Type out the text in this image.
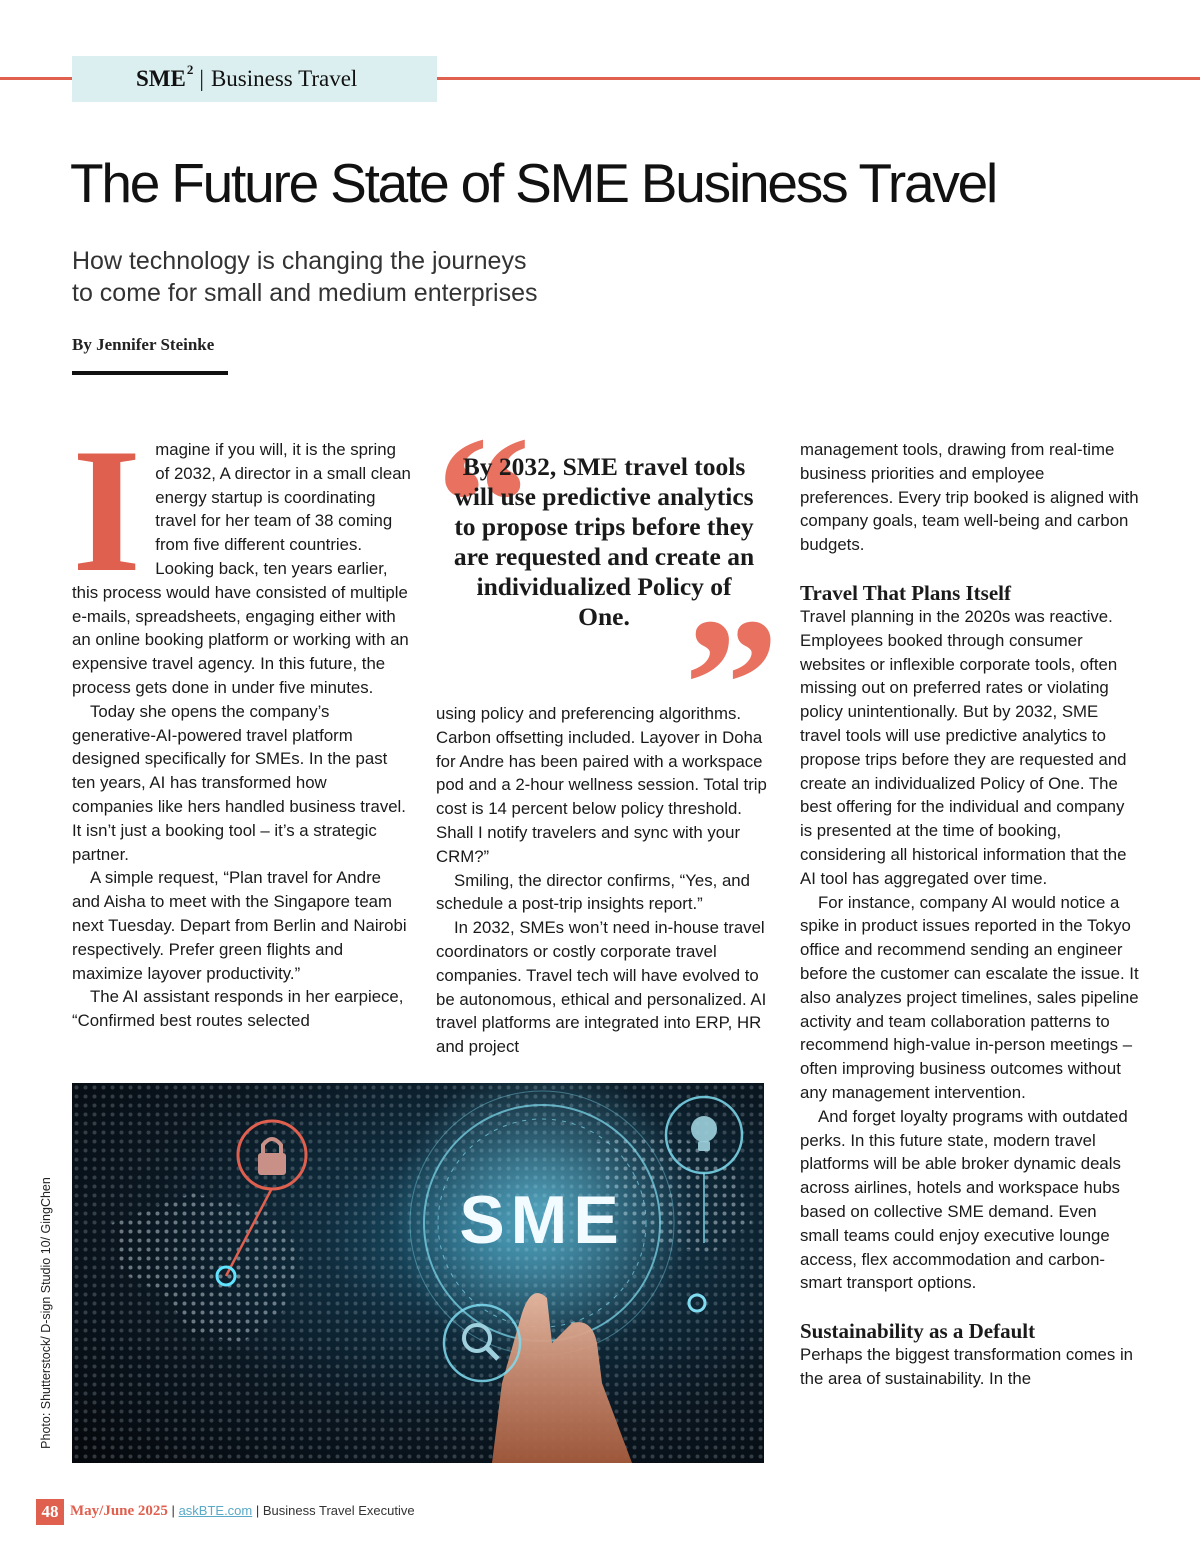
SME 2 | Business Travel
The Future State of SME Business Travel
How technology is changing the journeys
to come for small and medium enterprises

By Jennifer Steinke

I magine if you will, it is the spring of 2032, A director in a small clean energy startup is coordinating travel for her team of 38 coming from five different countries. Looking back, ten years earlier, this process would have consisted of multiple e-mails, spreadsheets, engaging either with an online booking platform or working with an expensive travel agency. In this future, the process gets done in under five minutes.

Today she opens the company’s generative-AI-powered travel platform designed specifically for SMEs. In the past ten years, AI has transformed how companies like hers handled business travel. It isn’t just a booking tool – it’s a strategic partner.

A simple request, “Plan travel for Andre and Aisha to meet with the Singapore team next Tuesday. Depart from Berlin and Nairobi respectively. Prefer green flights and maximize layover productivity.”

The AI assistant responds in her earpiece, “Confirmed best routes selected

“
”

By 2032, SME travel tools will use predictive analytics to propose trips before they are requested and create an individualized Policy of One.

using policy and preferencing algorithms. Carbon offsetting included. Layover in Doha for Andre has been paired with a workspace pod and a 2-hour wellness session. Total trip cost is 14 percent below policy threshold. Shall I notify travelers and sync with your CRM?”

Smiling, the director confirms, “Yes, and schedule a post-trip insights report.”

In 2032, SMEs won’t need in-house travel coordinators or costly corporate travel companies. Travel tech will have evolved to be autonomous, ethical and personalized. AI travel platforms are integrated into ERP, HR and project

management tools, drawing from real-time business priorities and employee preferences. Every trip booked is aligned with company goals, team well-being and carbon budgets.

Travel That Plans Itself

Travel planning in the 2020s was reactive. Employees booked through consumer websites or inflexible corporate tools, often missing out on preferred rates or violating policy unintentionally. But by 2032, SME travel tools will use predictive analytics to propose trips before they are requested and create an individualized Policy of One. The best offering for the individual and company is presented at the time of booking, considering all historical information that the AI tool has aggregated over time.

For instance, company AI would notice a spike in product issues reported in the Tokyo office and recommend sending an engineer before the customer can escalate the issue. It also analyzes project timelines, sales pipeline activity and team collaboration patterns to recommend high-value in-person meetings – often improving business outcomes without any management intervention.

And forget loyalty programs with outdated perks. In this future state, modern travel platforms will be able broker dynamic deals across airlines, hotels and workspace hubs based on collective SME demand. Even small teams could enjoy executive lounge access, flex accommodation and carbon-smart transport options.

Sustainability as a Default

Perhaps the biggest transformation comes in the area of sustainability. In the

SME
Photo: Shutterstock/ D-sign Studio 10/ GingChen
48 May/June 2025 | askBTE.com | Business Travel Executive
